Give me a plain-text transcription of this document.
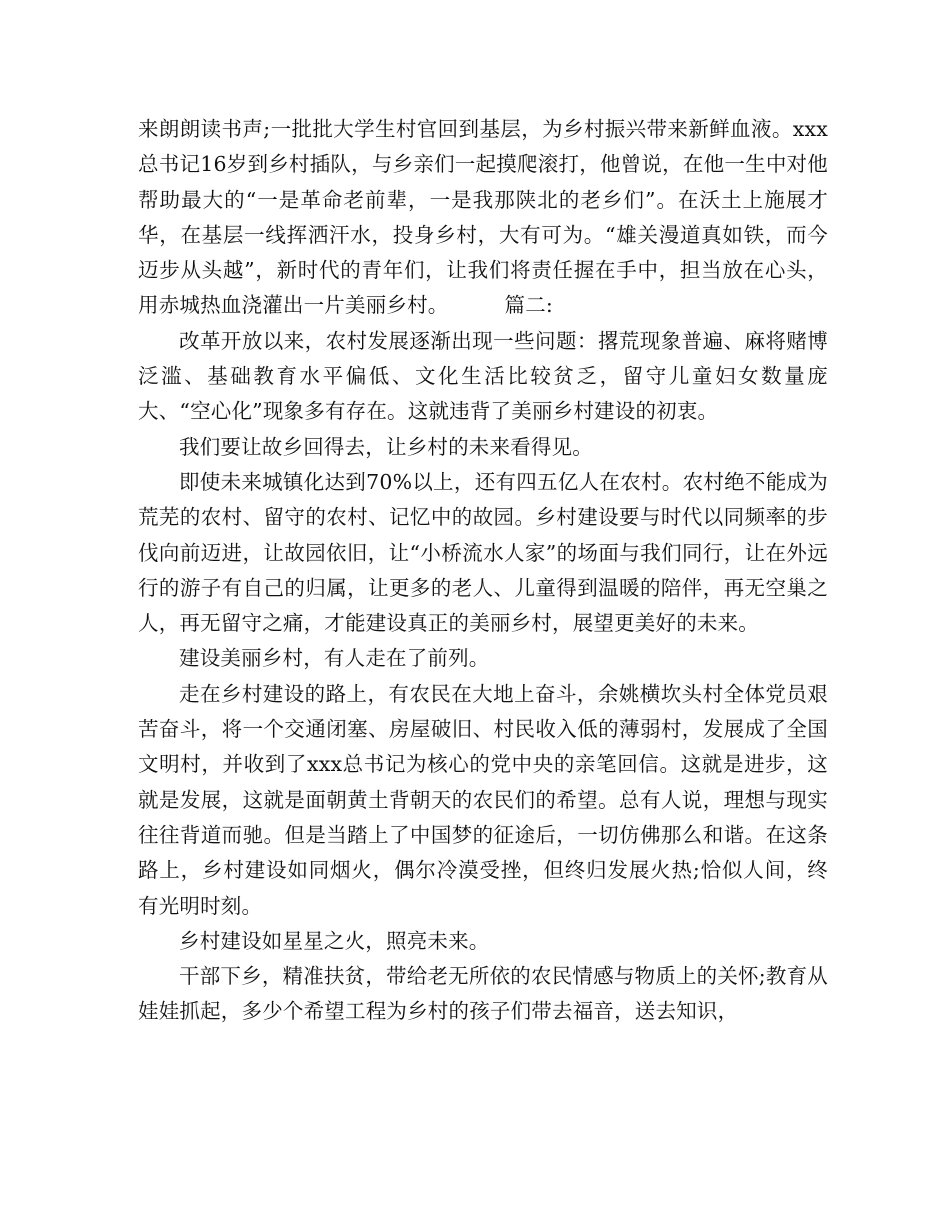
来朗朗读书声;一批批大学生村官回到基层，为乡村振兴带来新鲜血液。xxx总书记16岁到乡村插队，与乡亲们一起摸爬滚打，他曾说，在他一生中对他帮助最大的“一是革命老前辈，一是我那陕北的老乡们”。在沃土上施展才华，在基层一线挥洒汗水，投身乡村，大有可为。“雄关漫道真如铁，而今迈步从头越”，新时代的青年们，让我们将责任握在手中，担当放在心头，用赤城热血浇灌出一片美丽乡村。	篇二:

改革开放以来，农村发展逐渐出现一些问题：撂荒现象普遍、麻将赌博泛滥、基础教育水平偏低、文化生活比较贫乏，留守儿童妇女数量庞大、“空心化”现象多有存在。这就违背了美丽乡村建设的初衷。

我们要让故乡回得去，让乡村的未来看得见。

即使未来城镇化达到70%以上，还有四五亿人在农村。农村绝不能成为荒芜的农村、留守的农村、记忆中的故园。乡村建设要与时代以同频率的步伐向前迈进，让故园依旧，让“小桥流水人家”的场面与我们同行，让在外远行的游子有自己的归属，让更多的老人、儿童得到温暖的陪伴，再无空巢之人，再无留守之痛，才能建设真正的美丽乡村，展望更美好的未来。

建设美丽乡村，有人走在了前列。

走在乡村建设的路上，有农民在大地上奋斗，余姚横坎头村全体党员艰苦奋斗，将一个交通闭塞、房屋破旧、村民收入低的薄弱村，发展成了全国文明村，并收到了xxx总书记为核心的党中央的亲笔回信。这就是进步，这就是发展，这就是面朝黄土背朝天的农民们的希望。总有人说，理想与现实往往背道而驰。但是当踏上了中国梦的征途后，一切仿佛那么和谐。在这条路上，乡村建设如同烟火，偶尔冷漠受挫，但终归发展火热;恰似人间，终有光明时刻。

乡村建设如星星之火，照亮未来。

干部下乡，精准扶贫，带给老无所依的农民情感与物质上的关怀;教育从娃娃抓起，多少个希望工程为乡村的孩子们带去福音，送去知识，
